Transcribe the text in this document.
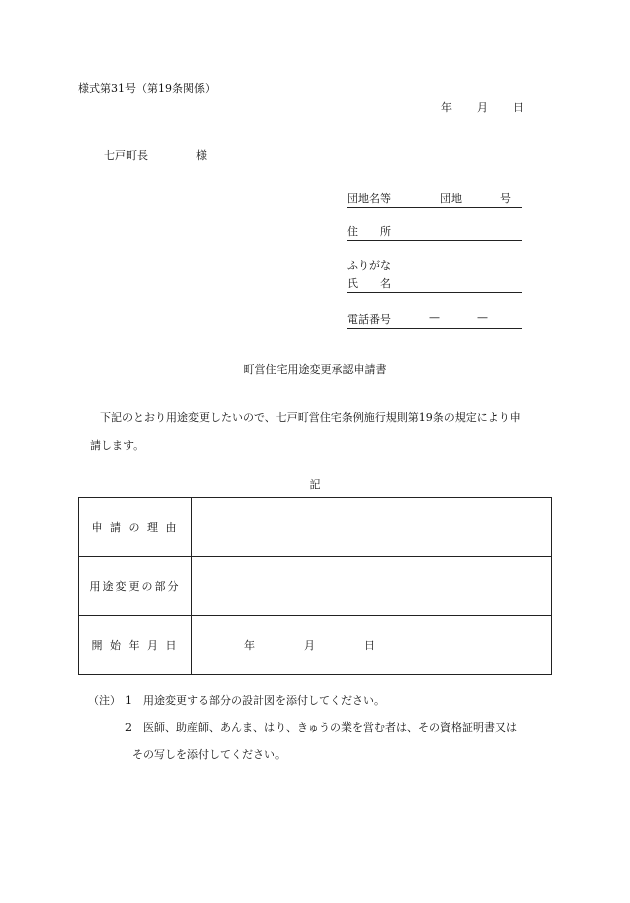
様式第31号（第19条関係）
年 月 日
七戸町長	様
団地名等	団地	号
住　　所
ふりがな
氏　　名
電話番号	—	—
町営住宅用途変更承認申請書
下記のとおり用途変更したいので、七戸町営住宅条例施行規則第19条の規定により申
請します。
記
申 請 の 理 由	
用途変更の部分	
開 始 年 月 日	年 月 日
（注） 1 用途変更する部分の設計図を添付してください。
2 医師、助産師、あんま、はり、きゅうの業を営む者は、その資格証明書又は
その写しを添付してください。
